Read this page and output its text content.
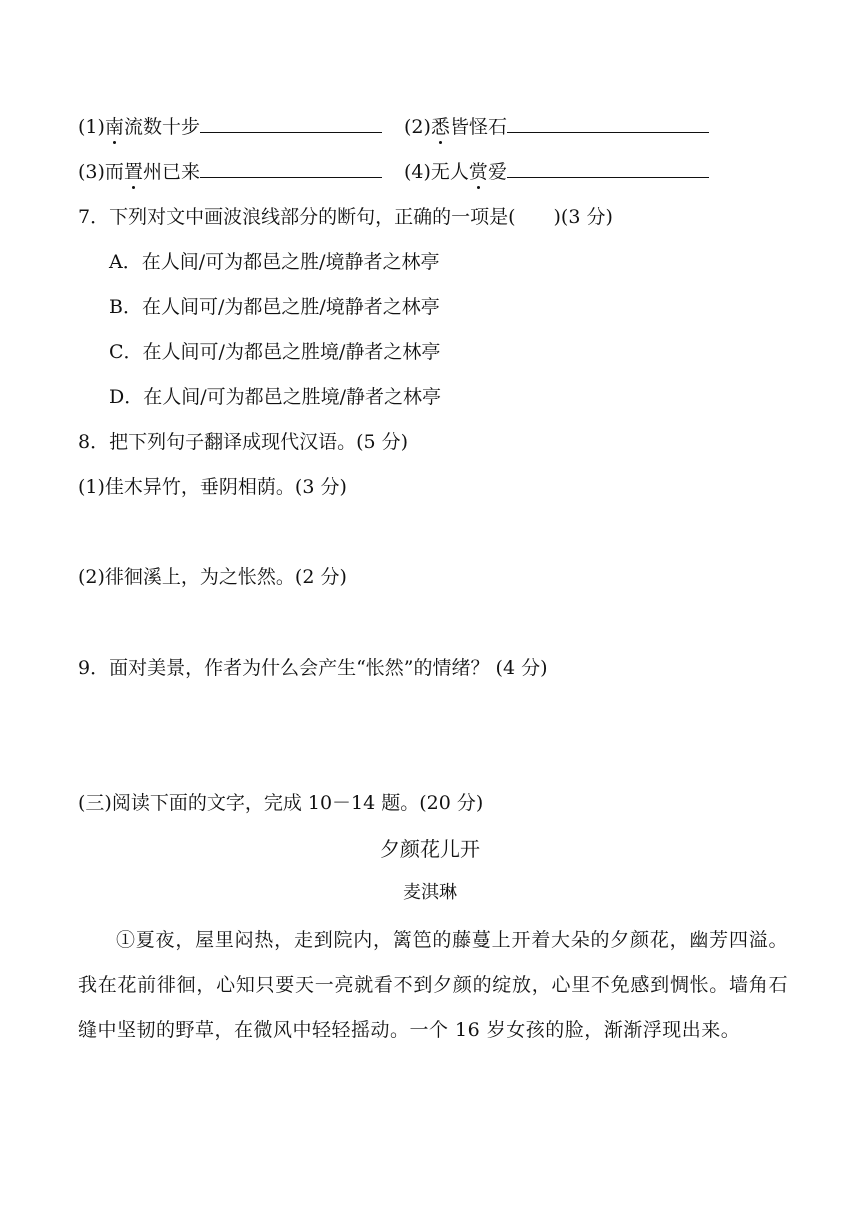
(1)南流数十步	(2)悉皆怪石
(3)而置州已来	(4)无人赏爱
7．下列对文中画波浪线部分的断句，正确的一项是(　　)(3 分)
A．在人间/可为都邑之胜/境静者之林亭
B．在人间可/为都邑之胜/境静者之林亭
C．在人间可/为都邑之胜境/静者之林亭
D．在人间/可为都邑之胜境/静者之林亭
8．把下列句子翻译成现代汉语。(5 分)
(1)佳木异竹，垂阴相荫。(3 分)
(2)徘徊溪上，为之怅然。(2 分)
9．面对美景，作者为什么会产生“怅然”的情绪？ (4 分)
(三)阅读下面的文字，完成 10－14 题。(20 分)
夕颜花儿开
麦淇琳
①夏夜，屋里闷热，走到院内，篱笆的藤蔓上开着大朵的夕颜花，幽芳四溢。我在花前徘徊，心知只要天一亮就看不到夕颜的绽放，心里不免感到惆怅。墙角石缝中坚韧的野草，在微风中轻轻摇动。一个 16 岁女孩的脸，渐渐浮现出来。
